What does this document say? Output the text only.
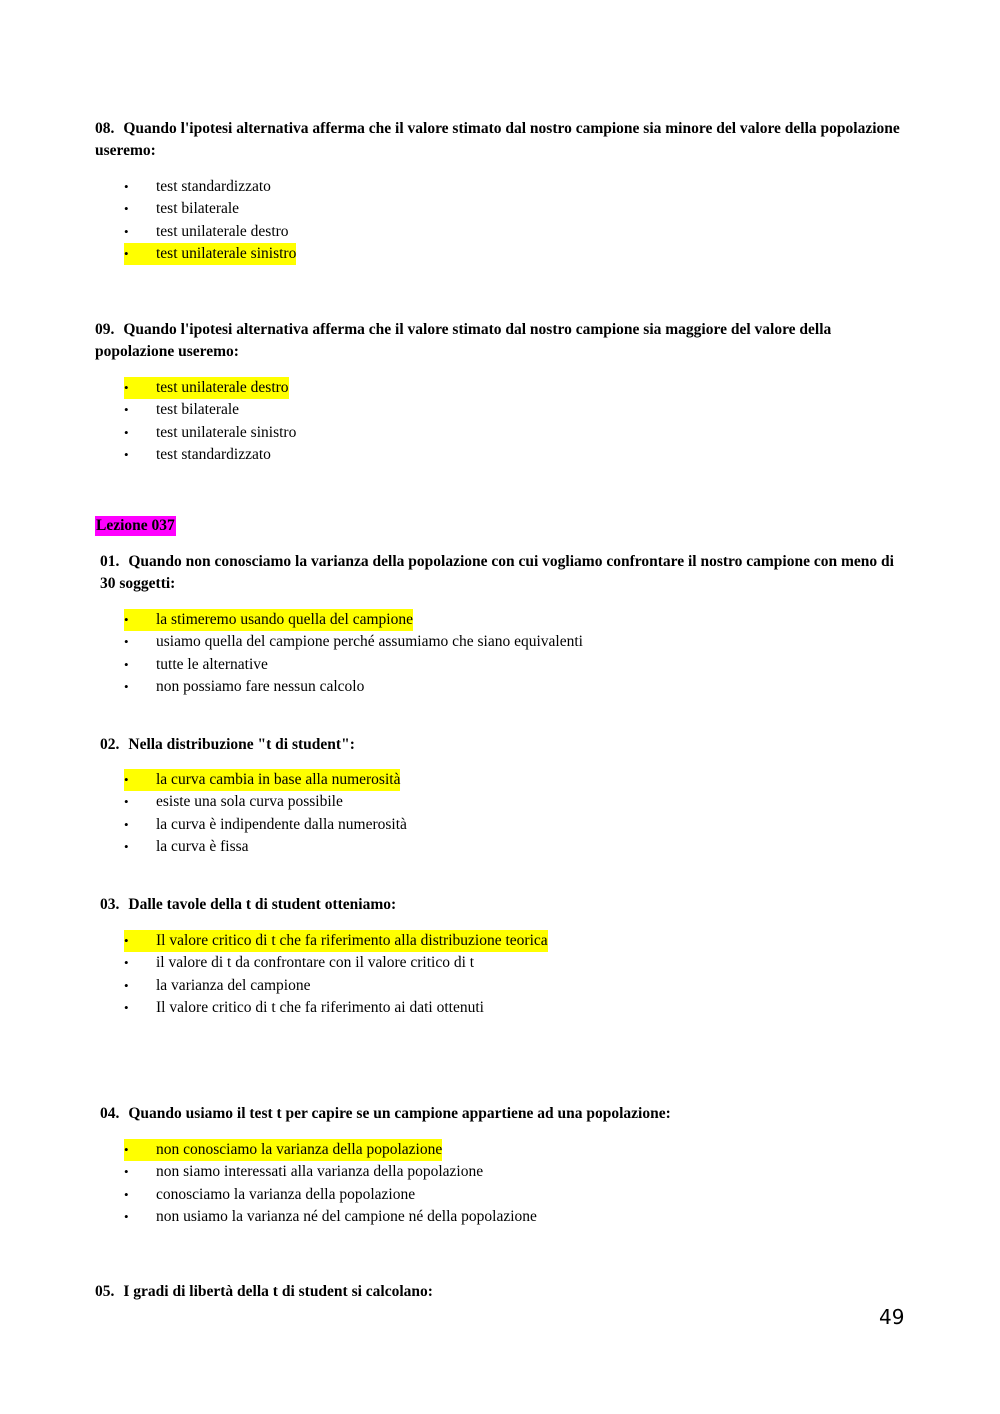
08. Quando l'ipotesi alternativa afferma che il valore stimato dal nostro campione sia minore del valore della popolazione useremo:
• test standardizzato
• test bilaterale
• test unilaterale destro
• test unilaterale sinistro
09. Quando l'ipotesi alternativa afferma che il valore stimato dal nostro campione sia maggiore del valore della popolazione useremo:
• test unilaterale destro
• test bilaterale
• test unilaterale sinistro
• test standardizzato
Lezione 037
01. Quando non conosciamo la varianza della popolazione con cui vogliamo confrontare il nostro campione con meno di 30 soggetti:
• la stimeremo usando quella del campione
• usiamo quella del campione perché assumiamo che siano equivalenti
• tutte le alternative
• non possiamo fare nessun calcolo
02. Nella distribuzione "t di student":
• la curva cambia in base alla numerosità
• esiste una sola curva possibile
• la curva è indipendente dalla numerosità
• la curva è fissa
03. Dalle tavole della t di student otteniamo:
• Il valore critico di t che fa riferimento alla distribuzione teorica
• il valore di t da confrontare con il valore critico di t
• la varianza del campione
• Il valore critico di t che fa riferimento ai dati ottenuti
04. Quando usiamo il test t per capire se un campione appartiene ad una popolazione:
• non conosciamo la varianza della popolazione
• non siamo interessati alla varianza della popolazione
• conosciamo la varianza della popolazione
• non usiamo la varianza né del campione né della popolazione
05. I gradi di libertà della t di student si calcolano:
49
